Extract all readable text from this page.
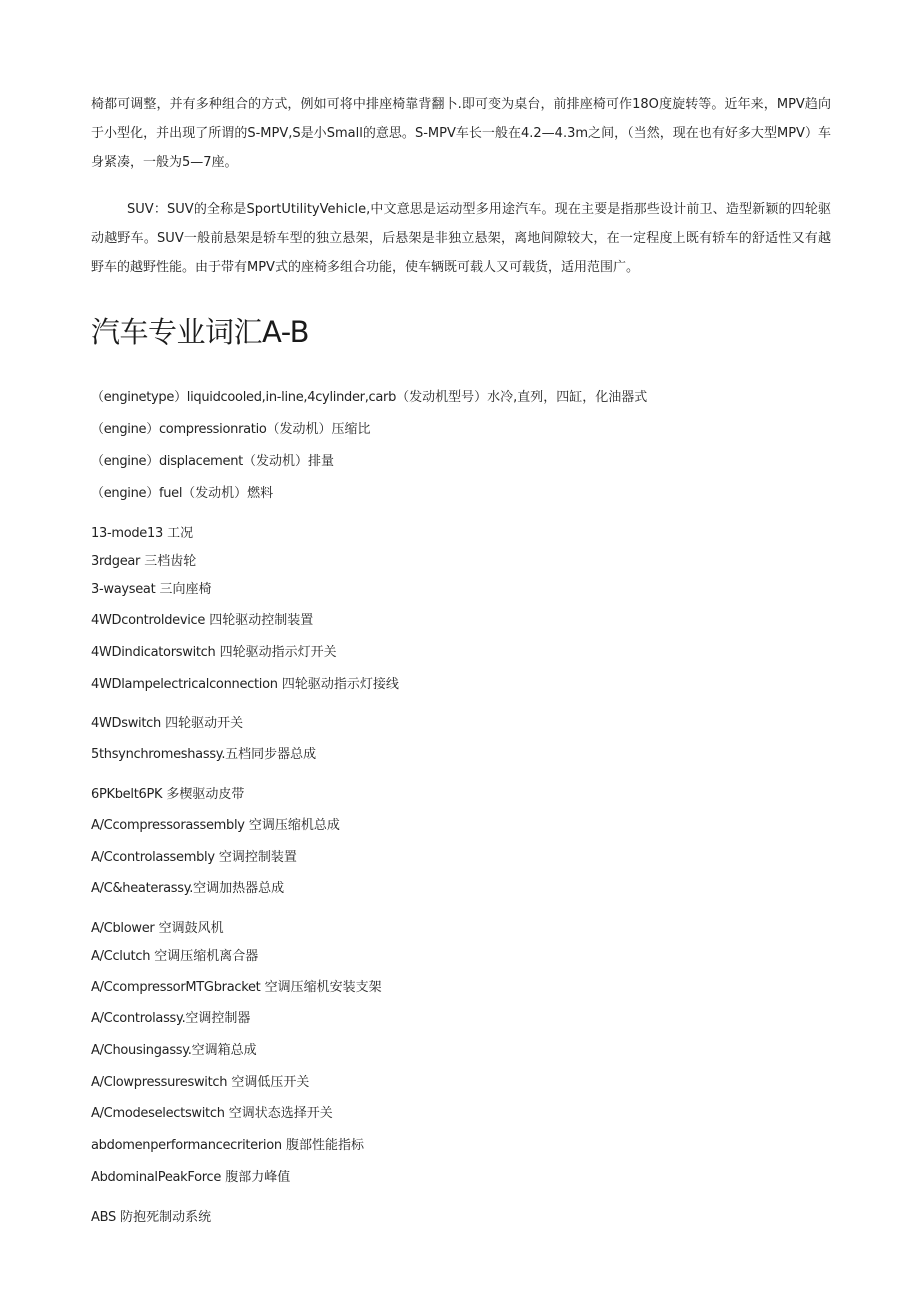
椅都可调整，并有多种组合的方式，例如可将中排座椅靠背翻卜.即可变为桌台，前排座椅可作18O度旋转等。近年来，MPV趋向于小型化，并出现了所谓的S-MPV,S是小Small的意思。S-MPV车长一般在4.2—4.3m之间，（当然，现在也有好多大型MPV）车身紧凑，一般为5—7座。

SUV：SUV的全称是SportUtilityVehicle,中文意思是运动型多用途汽车。现在主要是指那些设计前卫、造型新颖的四轮驱动越野车。SUV一般前悬架是轿车型的独立悬架，后悬架是非独立悬架，离地间隙较大，在一定程度上既有轿车的舒适性又有越野车的越野性能。由于带有MPV式的座椅多组合功能，使车辆既可载人又可载货，适用范围广。

汽车专业词汇A-B

（enginetype）liquidcooled,in-line,4cylinder,carb（发动机型号）水冷,直列，四缸，化油器式

（engine）compressionratio（发动机）压缩比

（engine）displacement（发动机）排量

（engine）fuel（发动机）燃料

13-mode13 工况

3rdgear 三档齿轮

3-wayseat 三向座椅

4WDcontroldevice 四轮驱动控制装置

4WDindicatorswitch 四轮驱动指示灯开关

4WDlampelectricalconnection 四轮驱动指示灯接线

4WDswitch 四轮驱动开关

5thsynchromeshassy.五档同步器总成

6PKbelt6PK 多楔驱动皮带

A/Ccompressorassembly 空调压缩机总成

A/Ccontrolassembly 空调控制装置

A/C&heaterassy.空调加热器总成

A/Cblower 空调鼓风机

A/Cclutch 空调压缩机离合器

A/CcompressorMTGbracket 空调压缩机安装支架

A/Ccontrolassy.空调控制器

A/Chousingassy.空调箱总成

A/Clowpressureswitch 空调低压开关

A/Cmodeselectswitch 空调状态选择开关

abdomenperformancecriterion 腹部性能指标

AbdominalPeakForce 腹部力峰值

ABS 防抱死制动系统
